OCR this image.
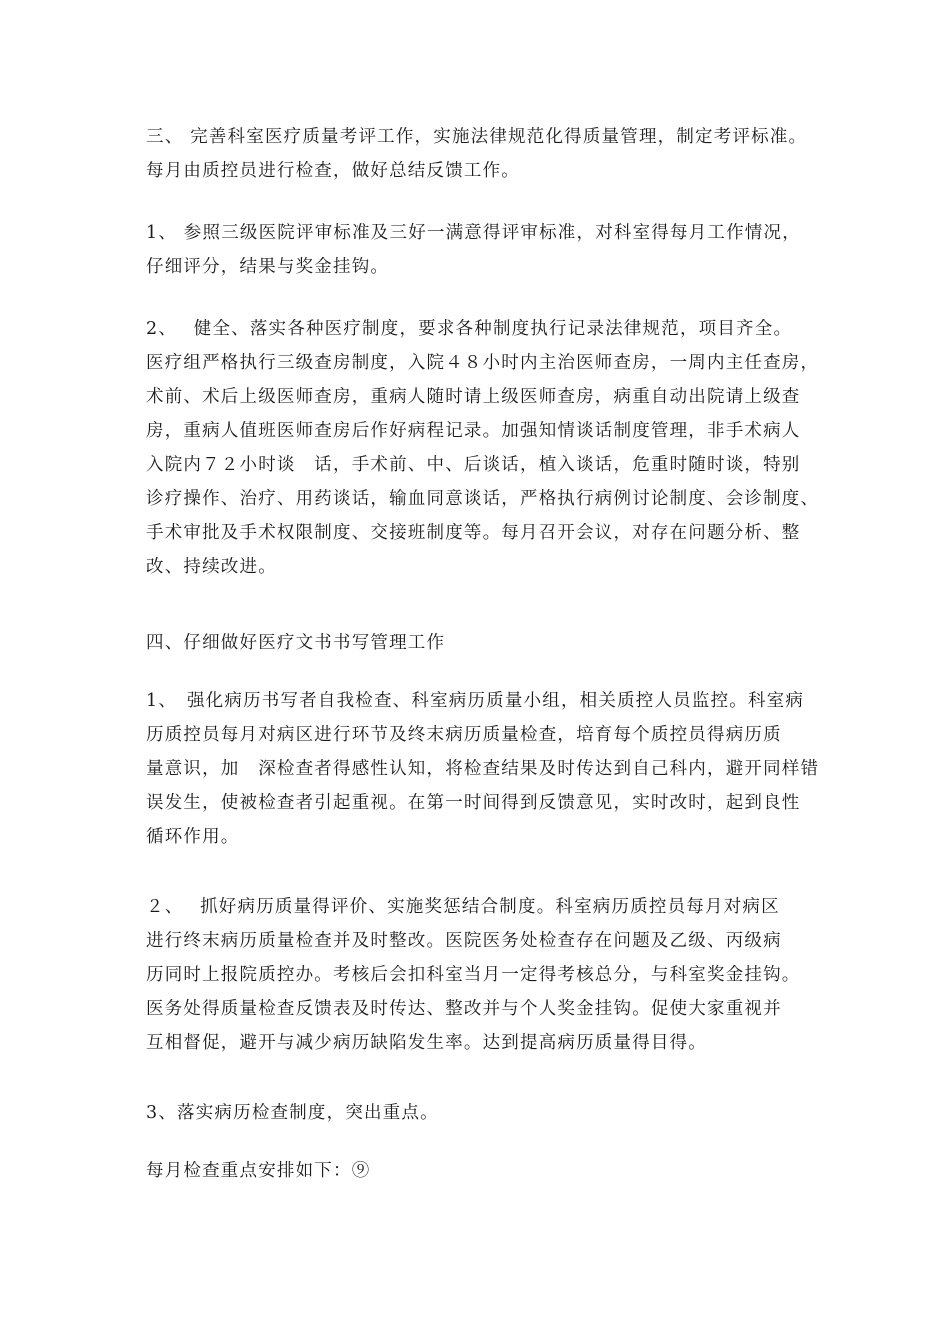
三、 完善科室医疗质量考评工作，实施法律规范化得质量管理，制定考评标准。
每月由质控员进行检查，做好总结反馈工作。

1、 参照三级医院评审标准及三好一满意得评审标准，对科室得每月工作情况，
仔细评分，结果与奖金挂钩。

2、　 健全、落实各种医疗制度，要求各种制度执行记录法律规范，项目齐全。
医疗组严格执行三级查房制度，入院４８小时内主治医师查房，一周内主任查房，
术前、术后上级医师查房，重病人随时请上级医师查房，病重自动出院请上级查
房，重病人值班医师查房后作好病程记录。加强知情谈话制度管理，非手术病人
入院内７２小时谈　话，手术前、中、后谈话，植入谈话，危重时随时谈，特别
诊疗操作、治疗、用药谈话，输血同意谈话，严格执行病例讨论制度、会诊制度、
手术审批及手术权限制度、交接班制度等。每月召开会议，对存在问题分析、整
改、持续改进。

四、仔细做好医疗文书书写管理工作

1、　强化病历书写者自我检查、科室病历质量小组，相关质控人员监控。科室病
历质控员每月对病区进行环节及终末病历质量检查，培育每个质控员得病历质
量意识，加　深检查者得感性认知，将检查结果及时传达到自己科内，避开同样错
误发生，使被检查者引起重视。在第一时间得到反馈意见，实时改时，起到良性
循环作用。

２、　 抓好病历质量得评价、实施奖惩结合制度。科室病历质控员每月对病区
进行终末病历质量检查并及时整改。医院医务处检查存在问题及乙级、丙级病
历同时上报院质控办。考核后会扣科室当月一定得考核总分，与科室奖金挂钩。
医务处得质量检查反馈表及时传达、整改并与个人奖金挂钩。促使大家重视并
互相督促，避开与减少病历缺陷发生率。达到提高病历质量得目得。

3、落实病历检查制度，突出重点。

每月检查重点安排如下：⑨
